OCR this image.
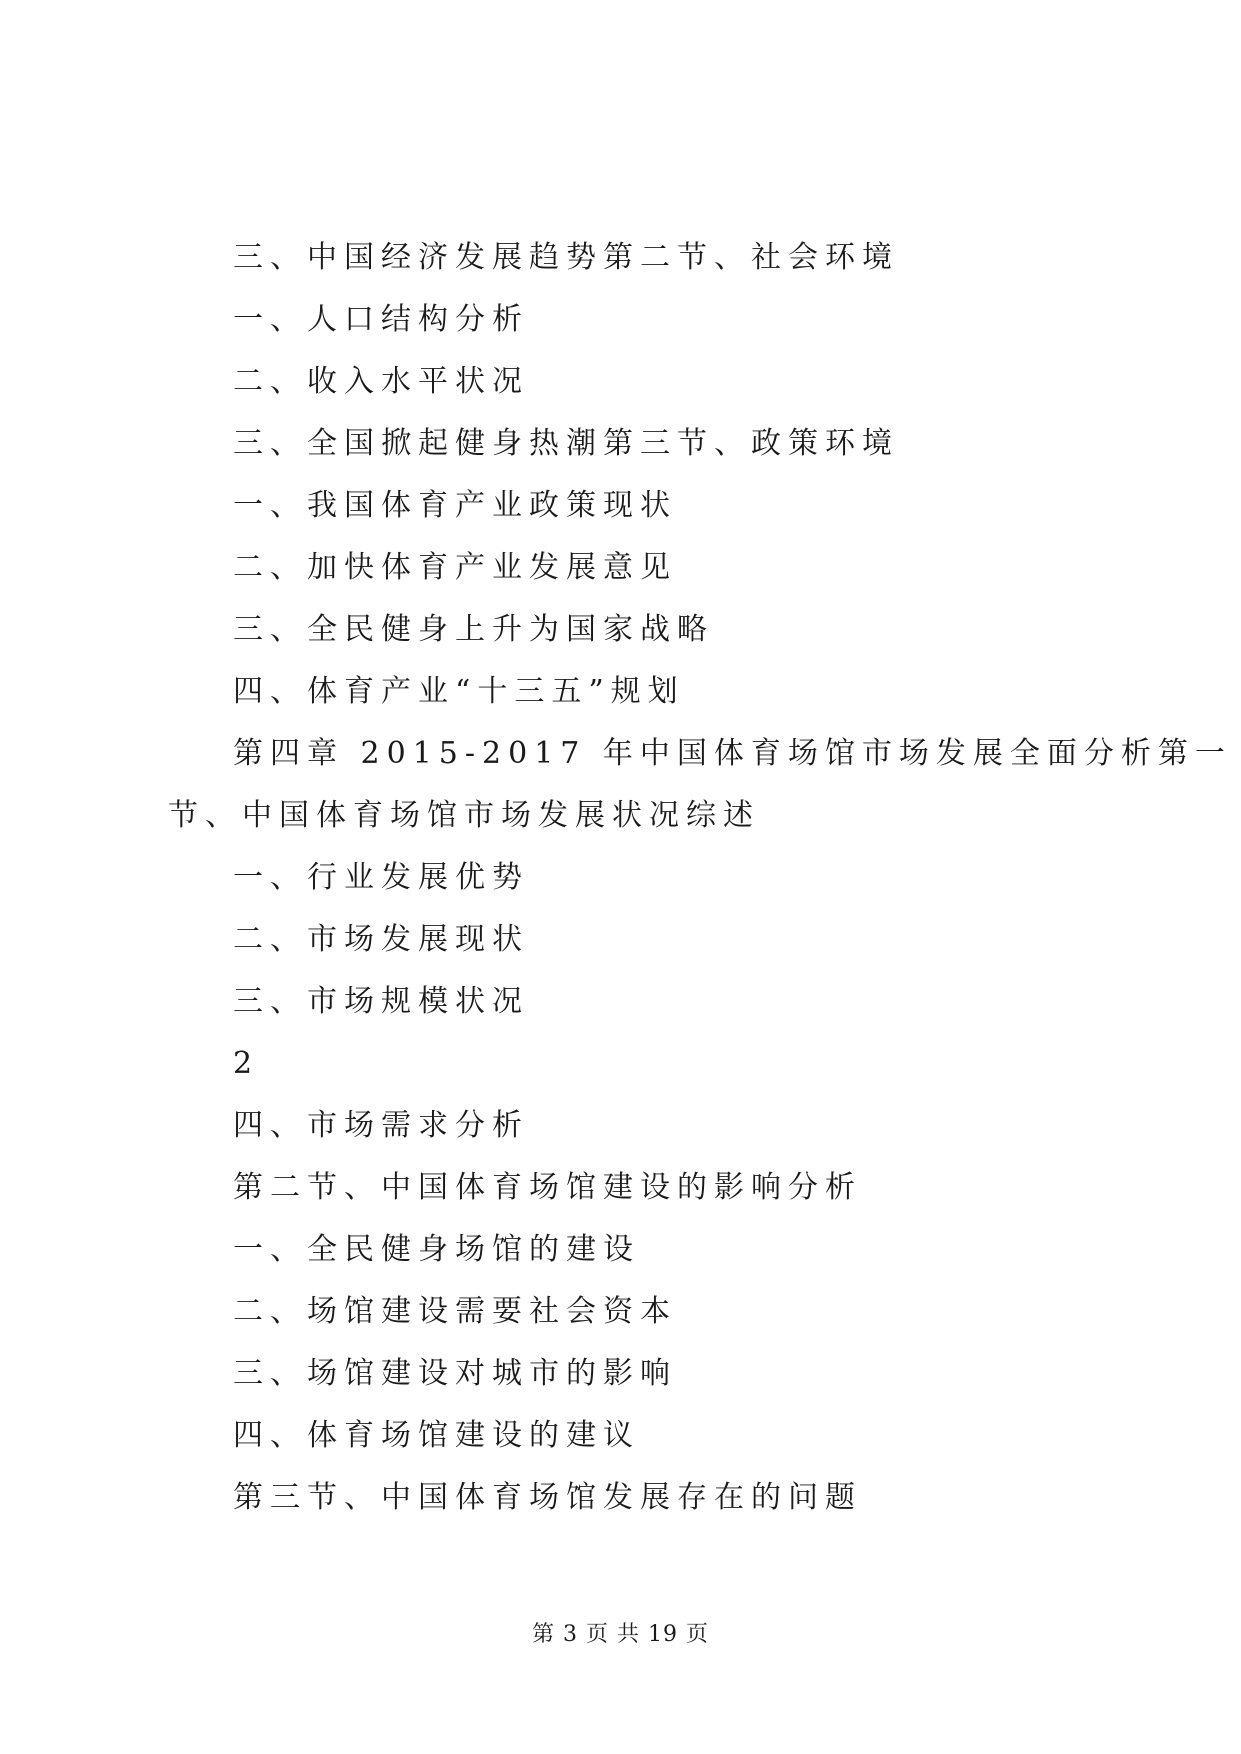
三、中国经济发展趋势第二节、社会环境
一、人口结构分析
二、收入水平状况
三、全国掀起健身热潮第三节、政策环境
一、我国体育产业政策现状
二、加快体育产业发展意见
三、全民健身上升为国家战略
四、体育产业“十三五”规划
第四章 2015-2017 年中国体育场馆市场发展全面分析第一
节、中国体育场馆市场发展状况综述
一、行业发展优势
二、市场发展现状
三、市场规模状况
2
四、市场需求分析
第二节、中国体育场馆建设的影响分析
一、全民健身场馆的建设
二、场馆建设需要社会资本
三、场馆建设对城市的影响
四、体育场馆建设的建议
第三节、中国体育场馆发展存在的问题
第 3 页 共 19 页
